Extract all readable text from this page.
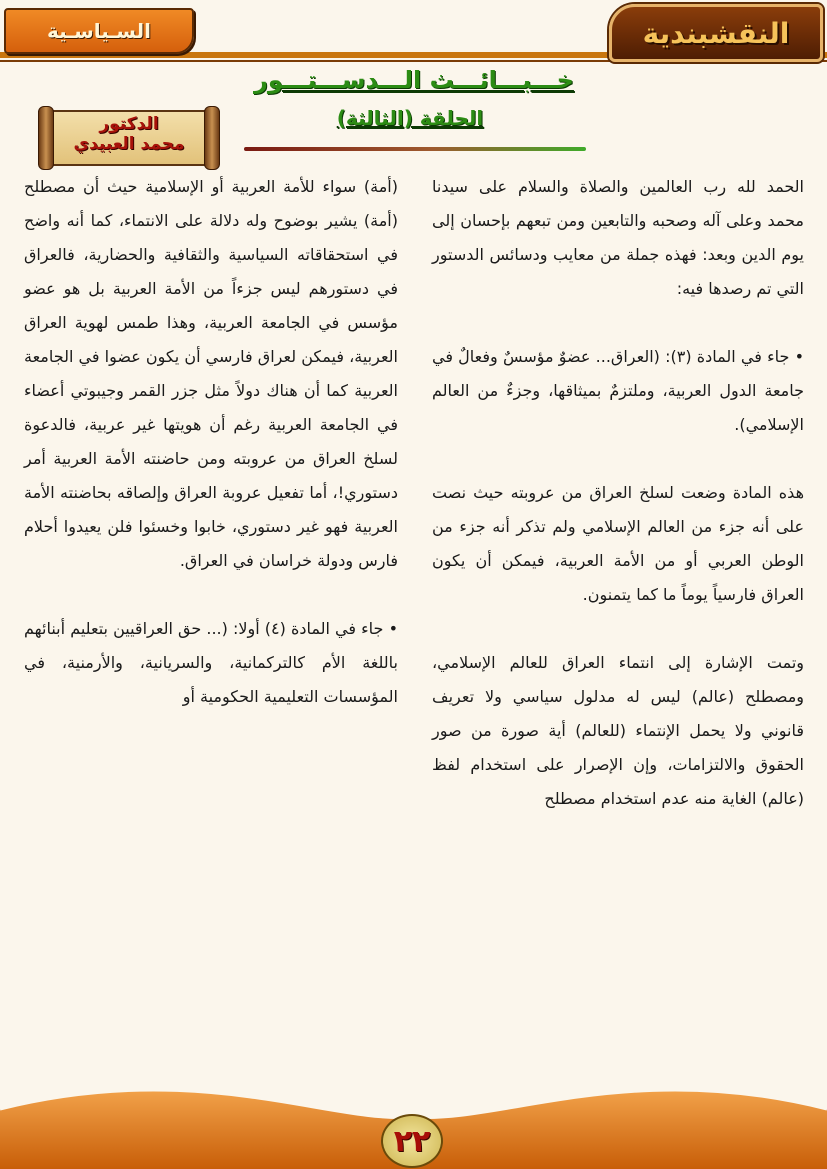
السـياسـية	النقشبندية
خـــبـــائـــث الـــدســـتـــور
الحلقة (الثالثة)
الدكتور
محمد العبيدي

الحمد لله رب العالمين والصلاة والسلام على سيدنا محمد وعلى آله وصحبه والتابعين ومن تبعهم بإحسان إلى يوم الدين وبعد: فهذه جملة من معايب ودسائس الدستور التي تم رصدها فيه:

• جاء في المادة (٣): (العراق... عضوٌ مؤسسٌ وفعالٌ في جامعة الدول العربية، وملتزمٌ بميثاقها، وجزءٌ من العالم الإسلامي).

هذه المادة وضعت لسلخ العراق من عروبته حيث نصت على أنه جزء من العالم الإسلامي ولم تذكر أنه جزء من الوطن العربي أو من الأمة العربية، فيمكن أن يكون العراق فارسياً يوماً ما كما يتمنون.

وتمت الإشارة إلى انتماء العراق للعالم الإسلامي، ومصطلح (عالم) ليس له مدلول سياسي ولا تعريف قانوني ولا يحمل الإنتماء (للعالم) أية صورة من صور الحقوق والالتزامات، وإن الإصرار على استخدام لفظ (عالم) الغاية منه عدم استخدام مصطلح

(أمة) سواء للأمة العربية أو الإسلامية حيث أن مصطلح (أمة) يشير بوضوح وله دلالة على الانتماء، كما أنه واضح في استحقاقاته السياسية والثقافية والحضارية، فالعراق في دستورهم ليس جزءاً من الأمة العربية بل هو عضو مؤسس في الجامعة العربية، وهذا طمس لهوية العراق العربية، فيمكن لعراق فارسي أن يكون عضوا في الجامعة العربية كما أن هناك دولاً مثل جزر القمر وجيبوتي أعضاء في الجامعة العربية رغم أن هويتها غير عربية، فالدعوة لسلخ العراق من عروبته ومن حاضنته الأمة العربية أمر دستوري!، أما تفعيل عروبة العراق وإلصاقه بحاضنته الأمة العربية فهو غير دستوري، خابوا وخسئوا فلن يعيدوا أحلام فارس ودولة خراسان في العراق.

• جاء في المادة (٤) أولا: (... حق العراقيين بتعليم أبنائهم باللغة الأم كالتركمانية، والسريانية، والأرمنية، في المؤسسات التعليمية الحكومية أو

٢٢
